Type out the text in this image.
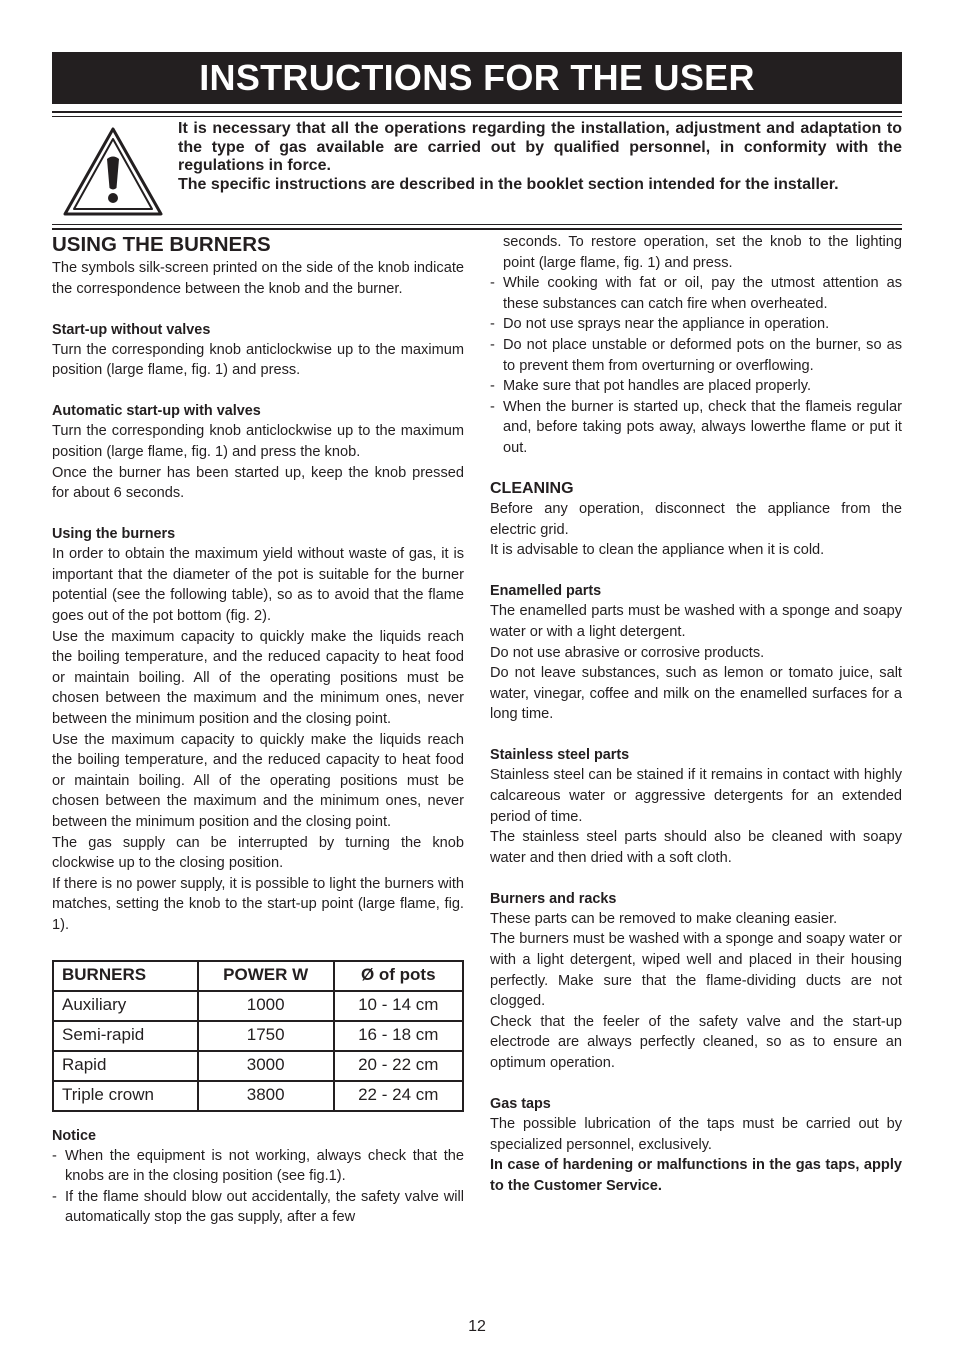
INSTRUCTIONS FOR THE USER

It is necessary that all the operations regarding the installation, adjustment and adaptation to the type of gas available are carried out by qualified personnel, in conformity with the regulations in force.

The specific instructions are described in the booklet section intended for the installer.

USING THE BURNERS

The symbols silk-screen printed on the side of the knob indicate the correspondence between the knob and the burner.

Start-up without valves

Turn the corresponding knob anticlockwise up to the maximum position (large flame, fig. 1) and press.

Automatic start-up with valves

Turn the corresponding knob anticlockwise up to the maximum position (large flame, fig. 1) and press the knob.

Once the burner has been started up, keep the knob pressed for about 6 seconds.

Using the burners

In order to obtain the maximum yield without waste of gas, it is important that the diameter of the pot is suitable for the burner potential (see the following table), so as to avoid that the flame goes out of the pot bottom (fig. 2).

Use the maximum capacity to quickly make the liquids reach the boiling temperature, and the reduced capacity to heat food or maintain boiling. All of the operating positions must be chosen between the maximum and the minimum ones, never between the minimum position and the closing point.

Use the maximum capacity to quickly make the liquids reach the boiling temperature, and the reduced capacity to heat food or maintain boiling. All of the operating positions must be chosen between the maximum and the minimum ones, never between the minimum position and the closing point.

The gas supply can be interrupted by turning the knob clockwise up to the closing position.

If there is no power supply, it is possible to light the burners with matches, setting the knob to the start-up point (large flame, fig. 1).

BURNERS	POWER W	Ø of pots
Auxiliary	1000	10 - 14 cm
Semi-rapid	1750	16 - 18 cm
Rapid	3000	20 - 22 cm
Triple crown	3800	22 - 24 cm

Notice

- When the equipment is not working, always check that the knobs are in the closing position (see fig.1).
- If the flame should blow out accidentally, the safety valve will automatically stop the gas supply, after a few

seconds. To restore operation, set the knob to the lighting point (large flame, fig. 1) and press.

- While cooking with fat or oil, pay the utmost attention as these substances can catch fire when overheated.
- Do not use sprays near the appliance in operation.
- Do not place unstable or deformed pots on the burner, so as to prevent them from overturning or overflowing.
- Make sure that pot handles are placed properly.
- When the burner is started up, check that the flameis regular and, before taking pots away, always lowerthe flame or put it out.

CLEANING

Before any operation, disconnect the appliance from the electric grid.

It is advisable to clean the appliance when it is cold.

Enamelled parts

The enamelled parts must be washed with a sponge and soapy water or with a light detergent.

Do not use abrasive or corrosive products.

Do not leave substances, such as lemon or tomato juice, salt water, vinegar, coffee and milk on the enamelled surfaces for a long time.

Stainless steel parts

Stainless steel can be stained if it remains in contact with highly calcareous water or aggressive detergents for an extended period of time.

The stainless steel parts should also be cleaned with soapy water and then dried with a soft cloth.

Burners and racks

These parts can be removed to make cleaning easier.

The burners must be washed with a sponge and soapy water or with a light detergent, wiped well and placed in their housing perfectly. Make sure that the flame-dividing ducts are not clogged.

Check that the feeler of the safety valve and the start-up electrode are always perfectly cleaned, so as to ensure an optimum operation.

Gas taps

The possible lubrication of the taps must be carried out by specialized personnel, exclusively.

In case of hardening or malfunctions in the gas taps, apply to the Customer Service.

12
